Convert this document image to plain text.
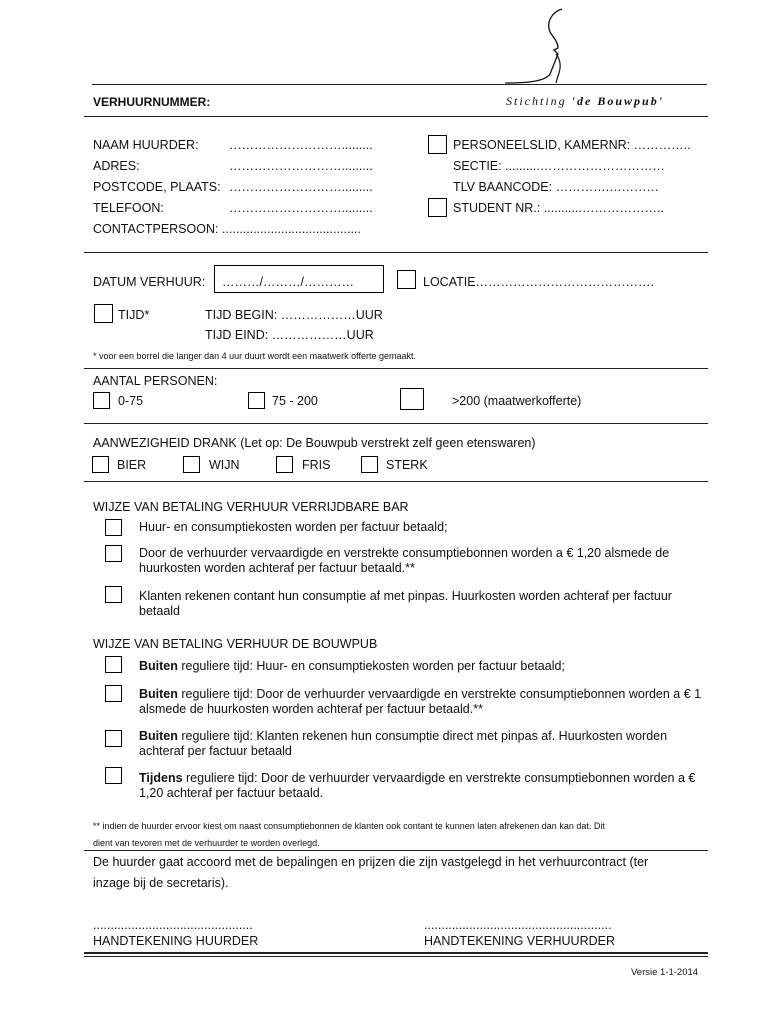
VERHUURNUMMER:	Stichting 'de Bouwpub'
NAAM HUURDER: ……………………….........
ADRES:	……………………….........
POSTCODE, PLAATS: ……………………….........
TELEFOON:	……………………….........
CONTACTPERSOON: ........................................
PERSONEELSLID, KAMERNR: …………..
SECTIE: ..........…………………………
TLV BAANCODE: ………….…………
STUDENT NR.: ...........………………..
DATUM VERHUUR: ………/………/…………	LOCATIE…………………………………….
TIJD*	TIJD BEGIN: ………………UUR
TIJD EIND: ………………UUR
* voor een borrel die langer dan 4 uur duurt wordt een maatwerk offerte gemaakt.
AANTAL PERSONEN:
0-75	75 - 200	>200 (maatwerkofferte)
AANWEZIGHEID DRANK (Let op: De Bouwpub verstrekt zelf geen etenswaren)
BIER	WIJN	FRIS	STERK
WIJZE VAN BETALING VERHUUR VERRIJDBARE BAR
Huur- en consumptiekosten worden per factuur betaald;
Door de verhuurder vervaardigde en verstrekte consumptiebonnen worden a € 1,20 alsmede de huurkosten worden achteraf per factuur betaald.**
Klanten rekenen contant hun consumptie af met pinpas. Huurkosten worden achteraf per factuur betaald
WIJZE VAN BETALING VERHUUR DE BOUWPUB
Buiten reguliere tijd: Huur- en consumptiekosten worden per factuur betaald;
Buiten reguliere tijd: Door de verhuurder vervaardigde en verstrekte consumptiebonnen worden a € 1 alsmede de huurkosten worden achteraf per factuur betaald.**
Buiten reguliere tijd: Klanten rekenen hun consumptie direct met pinpas af. Huurkosten worden achteraf per factuur betaald
Tijdens reguliere tijd: Door de verhuurder vervaardigde en verstrekte consumptiebonnen worden a € 1,20 achteraf per factuur betaald.
** indien de huurder ervoor kiest om naast consumptiebonnen de klanten ook contant te kunnen laten afrekenen dan kan dat. Dit
dient van tevoren met de verhuurder te worden overlegd.
De huurder gaat accoord met de bepalingen en prijzen die zijn vastgelegd in het verhuurcontract (ter
inzage bij de secretaris).
..............................................
HANDTEKENING HUURDER
......................................................
HANDTEKENING VERHUURDER
Versie 1-1-2014
